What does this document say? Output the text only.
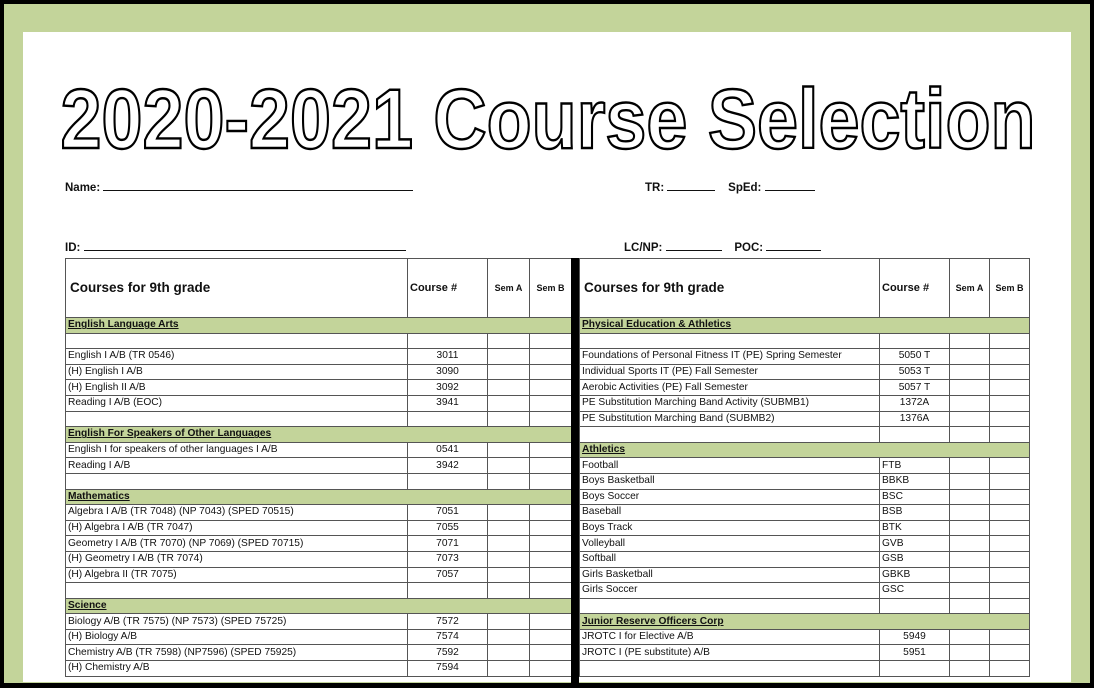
2020-2021 Course Selection
Name:	TR:	SpEd:
ID:	LC/NP:	POC:
Courses for 9th grade	Course #	Sem A	Sem B
English Language Arts			

English I A/B (TR 0546)	3011		
(H) English I A/B	3090		
(H) English II A/B	3092		
Reading I A/B (EOC)	3941		

English For Speakers of Other Languages			
English I for speakers of other languages I A/B	0541		
Reading I A/B	3942		

Mathematics			
Algebra I A/B (TR 7048) (NP 7043) (SPED 70515)	7051		
(H) Algebra I A/B (TR 7047)	7055		
Geometry I A/B (TR 7070) (NP 7069) (SPED 70715)	7071		
(H) Geometry I A/B (TR 7074)	7073		
(H) Algebra II (TR 7075)	7057		

Science			
Biology A/B (TR 7575) (NP 7573) (SPED 75725)	7572		
(H) Biology A/B	7574		
Chemistry A/B (TR 7598) (NP7596) (SPED 75925)	7592		
(H) Chemistry A/B	7594		
Courses for 9th grade	Course #	Sem A	Sem B
Physical Education & Athletics			

Foundations of Personal Fitness IT (PE) Spring Semester	5050 T		
Individual Sports IT (PE) Fall Semester	5053 T		
Aerobic Activities (PE) Fall Semester	5057 T		
PE Substitution Marching Band Activity (SUBMB1)	1372A		
PE Substitution Marching Band (SUBMB2)	1376A		

Athletics			
Football	FTB		
Boys Basketball	BBKB		
Boys Soccer	BSC		
Baseball	BSB		
Boys Track	BTK		
Volleyball	GVB		
Softball	GSB		
Girls Basketball	GBKB		
Girls Soccer	GSC		

Junior Reserve Officers Corp			
JROTC I for Elective A/B	5949		
JROTC I (PE substitute) A/B	5951		
